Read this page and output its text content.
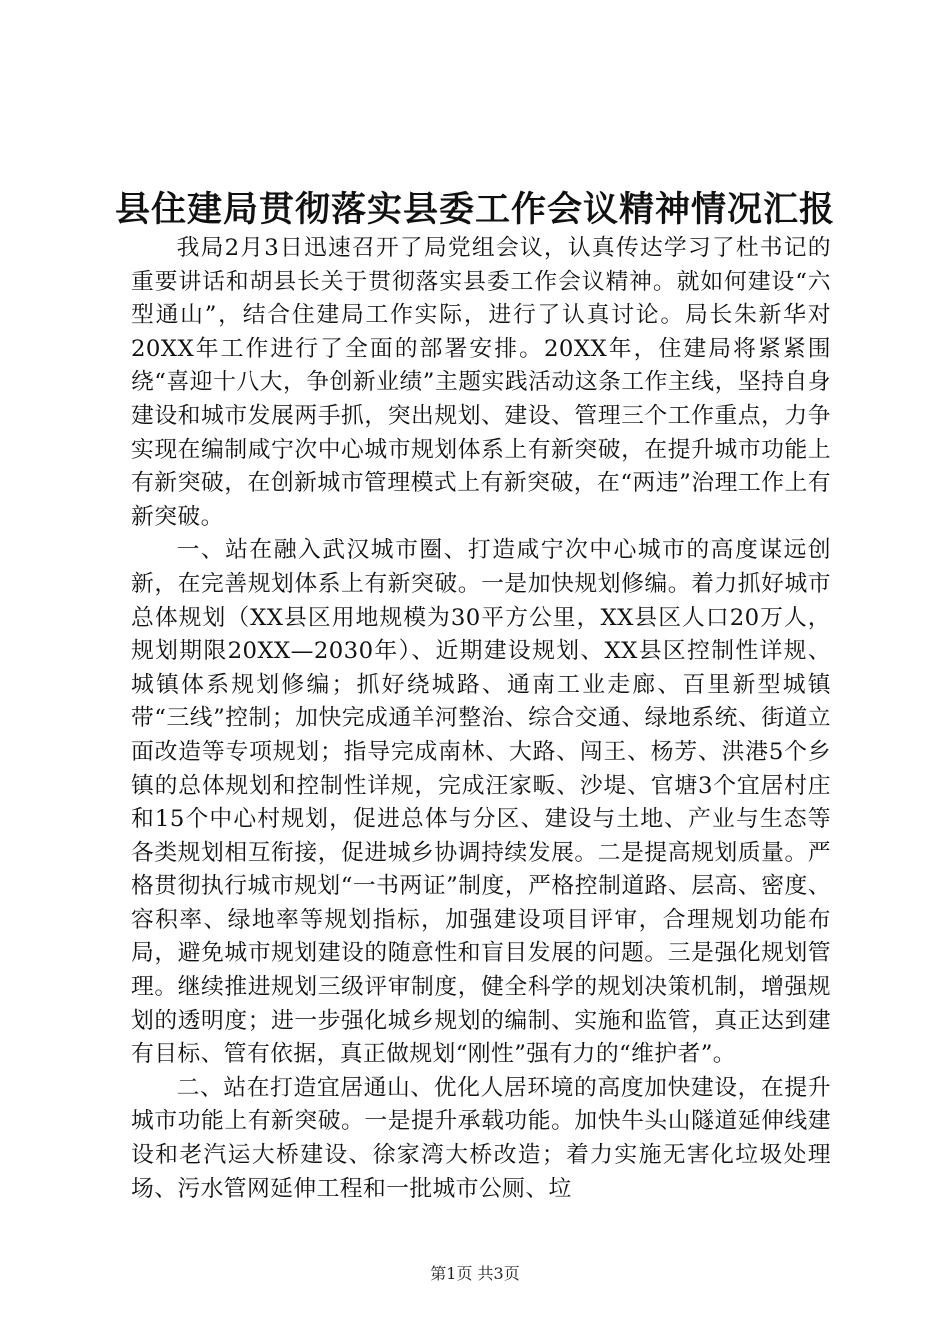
县住建局贯彻落实县委工作会议精神情况汇报

我局2月3日迅速召开了局党组会议，认真传达学习了杜书记的重要讲话和胡县长关于贯彻落实县委工作会议精神。就如何建设“六型通山”，结合住建局工作实际，进行了认真讨论。局长朱新华对20XX年工作进行了全面的部署安排。20XX年，住建局将紧紧围绕“喜迎十八大，争创新业绩”主题实践活动这条工作主线，坚持自身建设和城市发展两手抓，突出规划、建设、管理三个工作重点，力争实现在编制咸宁次中心城市规划体系上有新突破，在提升城市功能上有新突破，在创新城市管理模式上有新突破，在“两违”治理工作上有新突破。

一、站在融入武汉城市圈、打造咸宁次中心城市的高度谋远创新，在完善规划体系上有新突破。一是加快规划修编。着力抓好城市总体规划（XX县区用地规模为30平方公里，XX县区人口20万人，规划期限20XX—2030年）、近期建设规划、XX县区控制性详规、城镇体系规划修编；抓好绕城路、通南工业走廊、百里新型城镇带“三线”控制；加快完成通羊河整治、综合交通、绿地系统、街道立面改造等专项规划；指导完成南林、大路、闯王、杨芳、洪港5个乡镇的总体规划和控制性详规，完成汪家畈、沙堤、官塘3个宜居村庄和15个中心村规划，促进总体与分区、建设与土地、产业与生态等各类规划相互衔接，促进城乡协调持续发展。二是提高规划质量。严格贯彻执行城市规划“一书两证”制度，严格控制道路、层高、密度、容积率、绿地率等规划指标，加强建设项目评审，合理规划功能布局，避免城市规划建设的随意性和盲目发展的问题。三是强化规划管理。继续推进规划三级评审制度，健全科学的规划决策机制，增强规划的透明度；进一步强化城乡规划的编制、实施和监管，真正达到建有目标、管有依据，真正做规划“刚性”强有力的“维护者”。

二、站在打造宜居通山、优化人居环境的高度加快建设，在提升城市功能上有新突破。一是提升承载功能。加快牛头山隧道延伸线建设和老汽运大桥建设、徐家湾大桥改造；着力实施无害化垃圾处理场、污水管网延伸工程和一批城市公厕、垃

第1页 共3页
